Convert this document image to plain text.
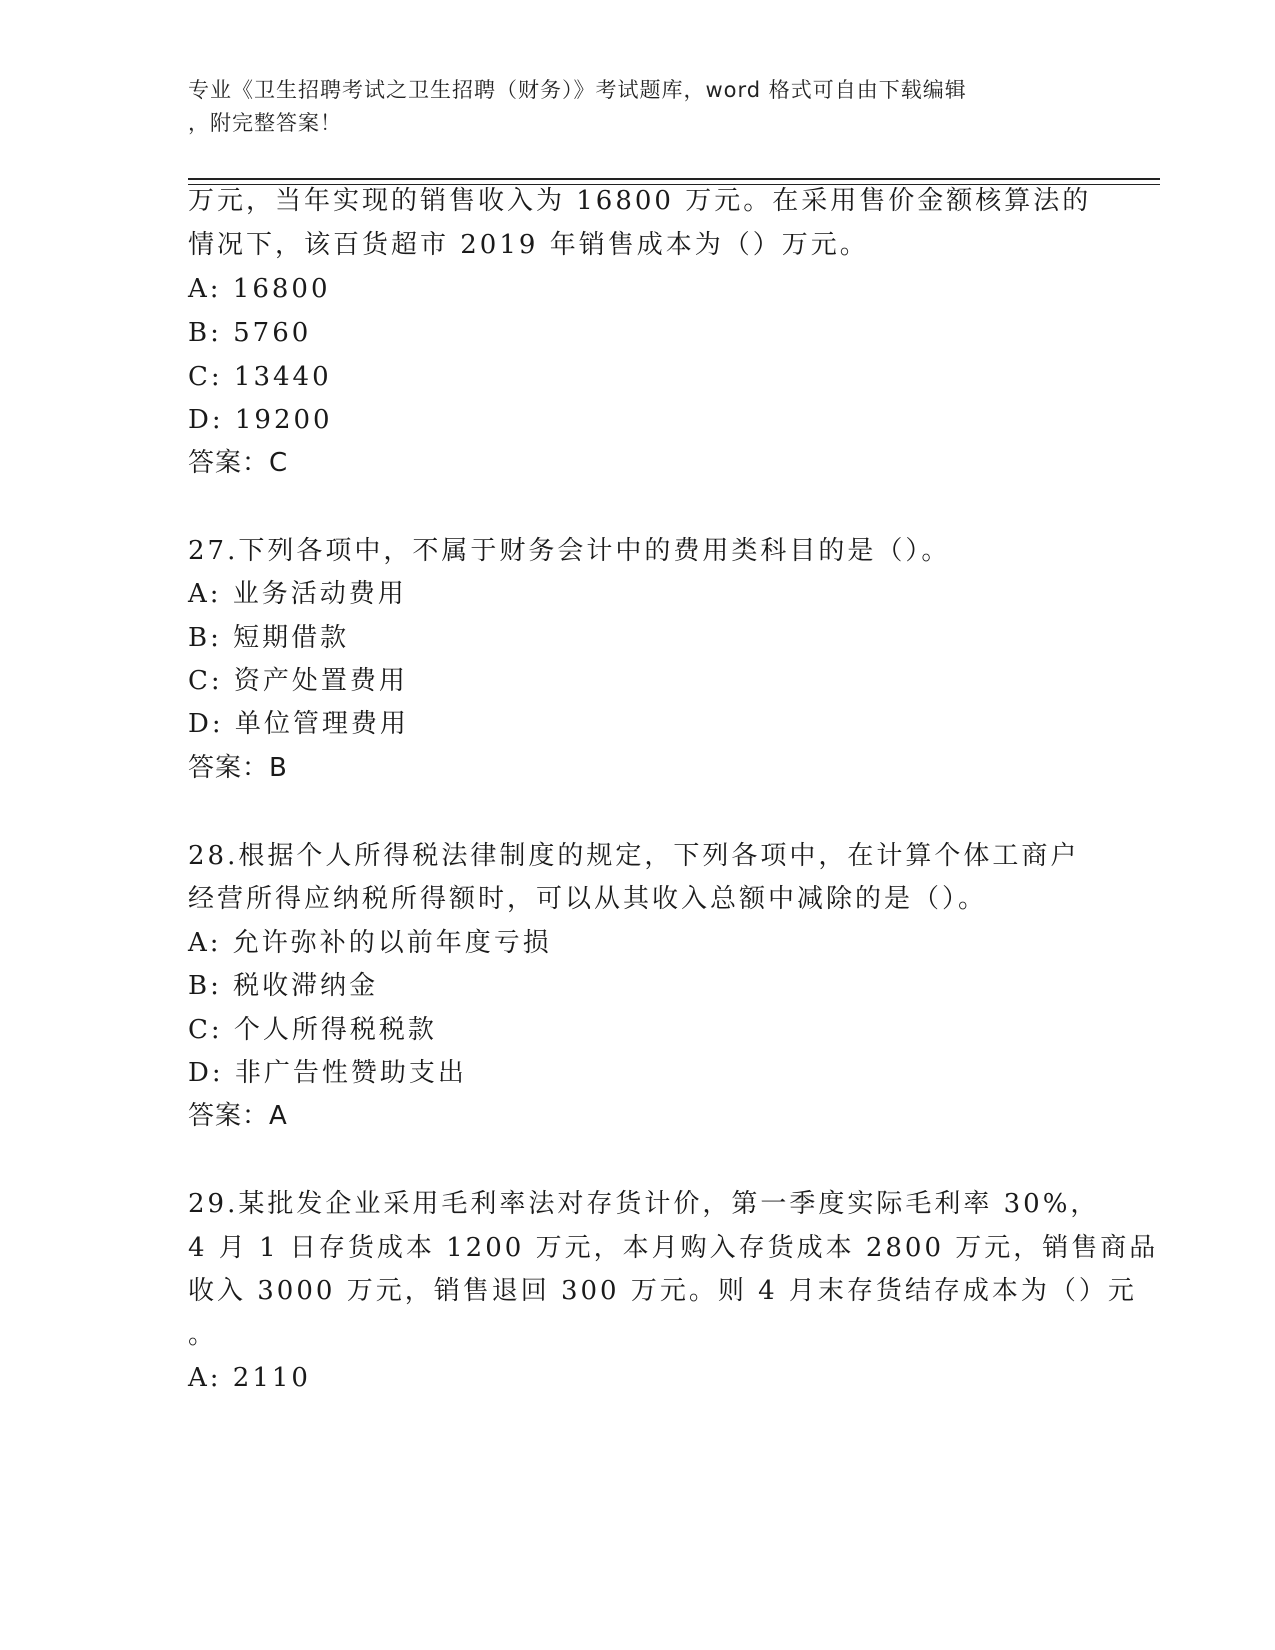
专业《卫生招聘考试之卫生招聘（财务）》考试题库，word 格式可自由下载编辑

，附完整答案！

万元，当年实现的销售收入为 16800 万元。在采用售价金额核算法的

情况下，该百货超市 2019 年销售成本为（）万元。

A: 16800

B: 5760

C: 13440

D: 19200

答案：C

27.下列各项中，不属于财务会计中的费用类科目的是（）。

A: 业务活动费用

B: 短期借款

C: 资产处置费用

D: 单位管理费用

答案：B

28.根据个人所得税法律制度的规定，下列各项中，在计算个体工商户

经营所得应纳税所得额时，可以从其收入总额中减除的是（）。

A: 允许弥补的以前年度亏损

B: 税收滞纳金

C: 个人所得税税款

D: 非广告性赞助支出

答案：A

29.某批发企业采用毛利率法对存货计价，第一季度实际毛利率 30%，

4 月 1 日存货成本 1200 万元，本月购入存货成本 2800 万元，销售商品

收入 3000 万元，销售退回 300 万元。则 4 月末存货结存成本为（）元

。

A: 2110
